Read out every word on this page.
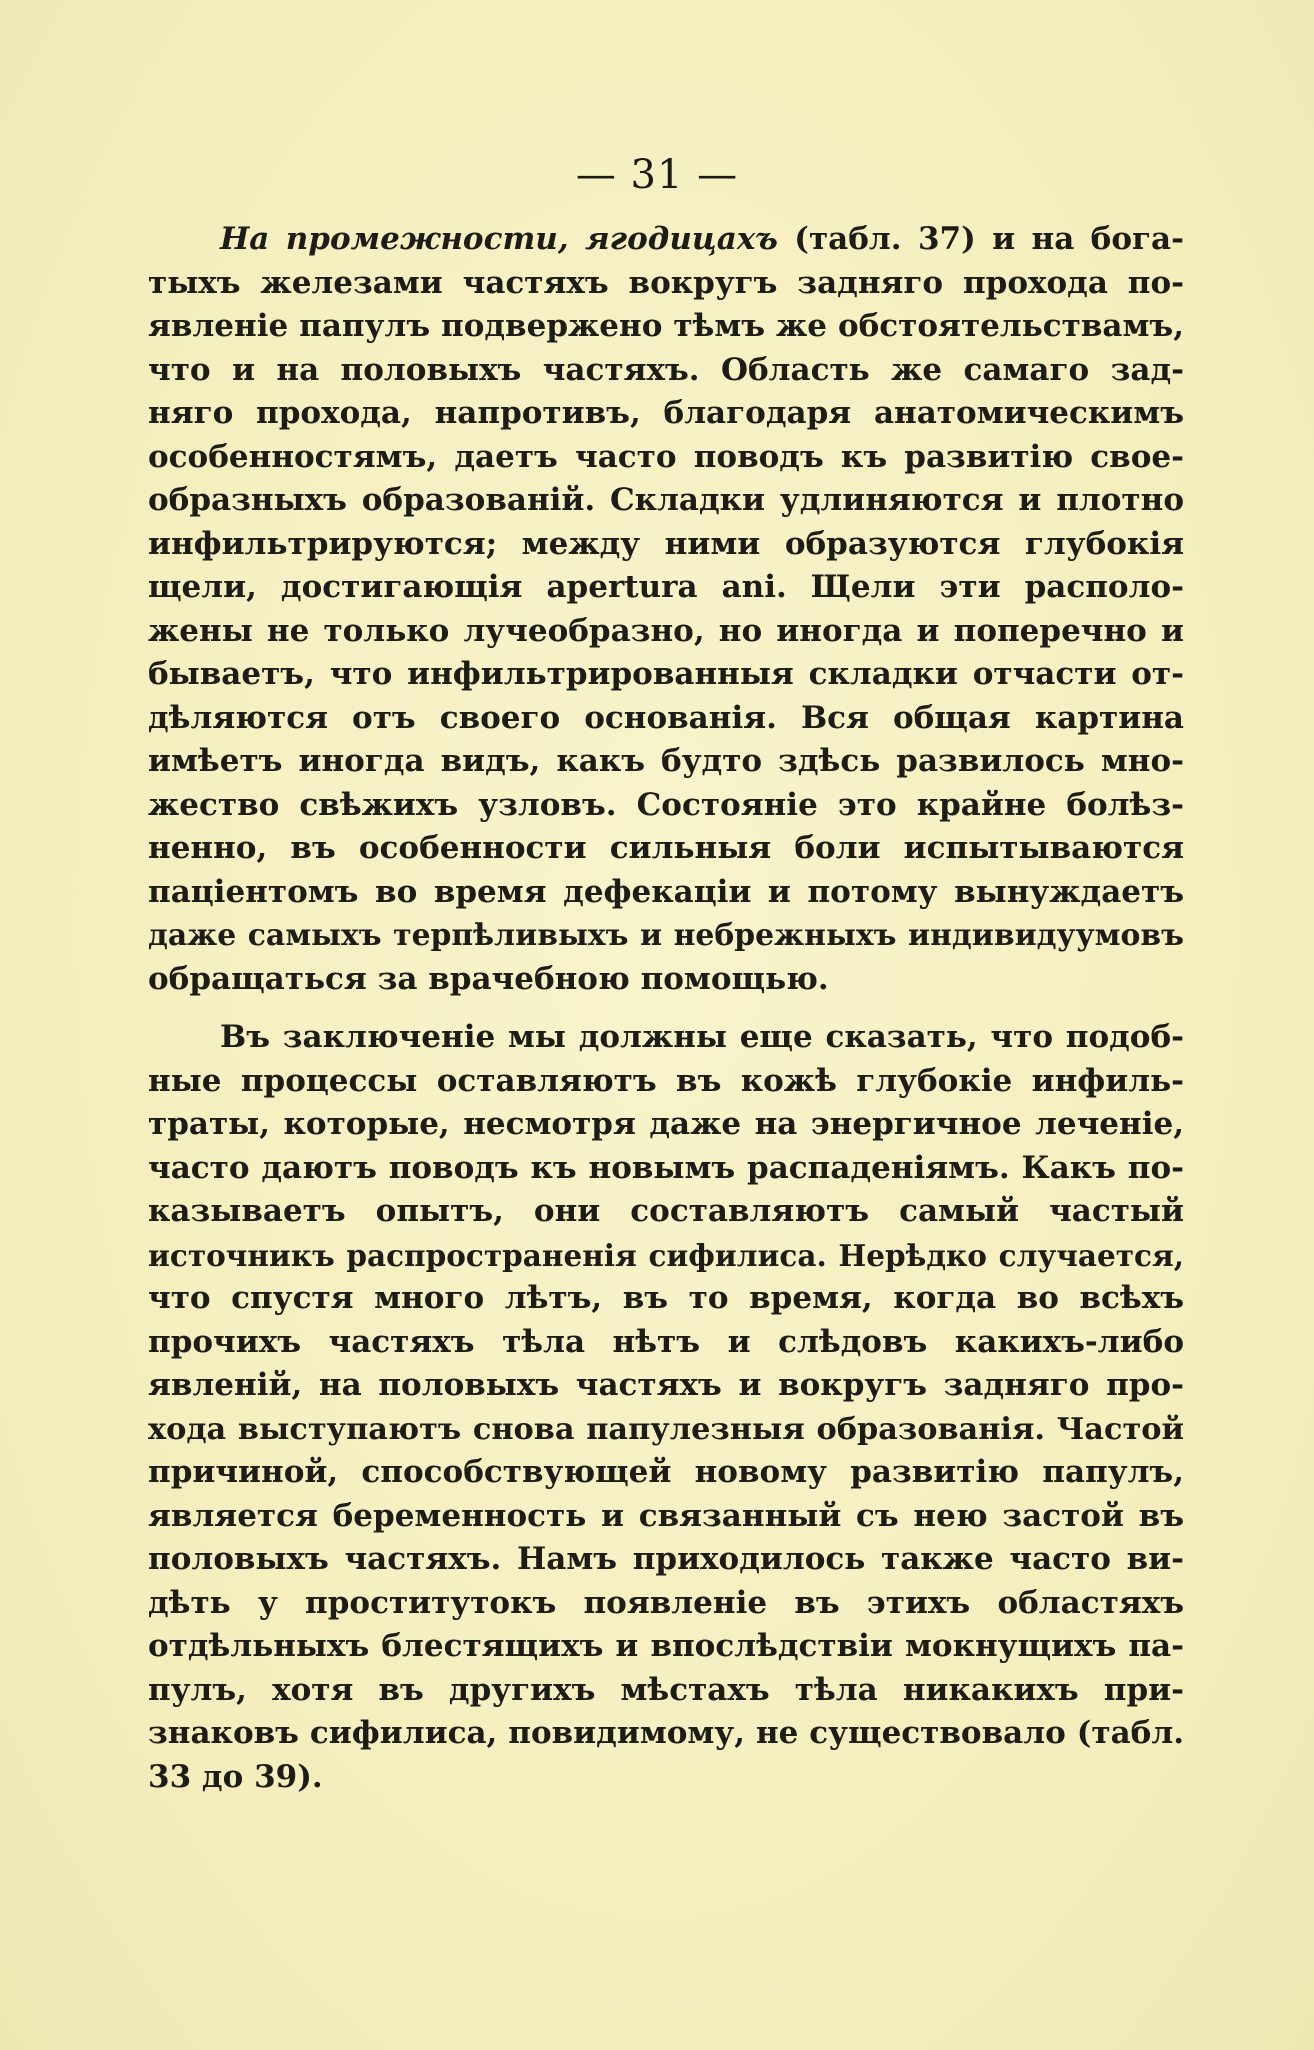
— 31 —
На промежности, ягодицахъ (табл. 37) и на бога-
тыхъ железами частяхъ вокругъ задняго прохода по-
явленіе папулъ подвержено тѣмъ же обстоятельствамъ,
что и на половыхъ частяхъ. Область же самаго зад-
няго прохода, напротивъ, благодаря анатомическимъ
особенностямъ, даетъ часто поводъ къ развитію свое-
образныхъ образованій. Складки удлиняются и плотно
инфильтрируются; между ними образуются глубокія
щели, достигающія apertura ani. Щели эти располо-
жены не только лучеобразно, но иногда и поперечно и
бываетъ, что инфильтрированныя складки отчасти от-
дѣляются отъ своего основанія. Вся общая картина
имѣетъ иногда видъ, какъ будто здѣсь развилось мно-
жество свѣжихъ узловъ. Состояніе это крайне болѣз-
ненно, въ особенности сильныя боли испытываются
паціентомъ во время дефекаціи и потому вынуждаетъ
даже самыхъ терпѣливыхъ и небрежныхъ индивидуумовъ
обращаться за врачебною помощью.
Въ заключеніе мы должны еще сказать, что подоб-
ные процессы оставляютъ въ кожѣ глубокіе инфиль-
траты, которые, несмотря даже на энергичное леченіе,
часто даютъ поводъ къ новымъ распаденіямъ. Какъ по-
казываетъ опытъ, они составляютъ самый частый
источникъ распространенія сифилиса. Нерѣдко случается,
что спустя много лѣтъ, въ то время, когда во всѣхъ
прочихъ частяхъ тѣла нѣтъ и слѣдовъ какихъ-либо
явленій, на половыхъ частяхъ и вокругъ задняго про-
хода выступаютъ снова папулезныя образованія. Частой
причиной, способствующей новому развитію папулъ,
является беременность и связанный съ нею застой въ
половыхъ частяхъ. Намъ приходилось также часто ви-
дѣть у проститутокъ появленіе въ этихъ областяхъ
отдѣльныхъ блестящихъ и впослѣдствіи мокнущихъ па-
пулъ, хотя въ другихъ мѣстахъ тѣла никакихъ при-
знаковъ сифилиса, повидимому, не существовало (табл.
33 до 39).
